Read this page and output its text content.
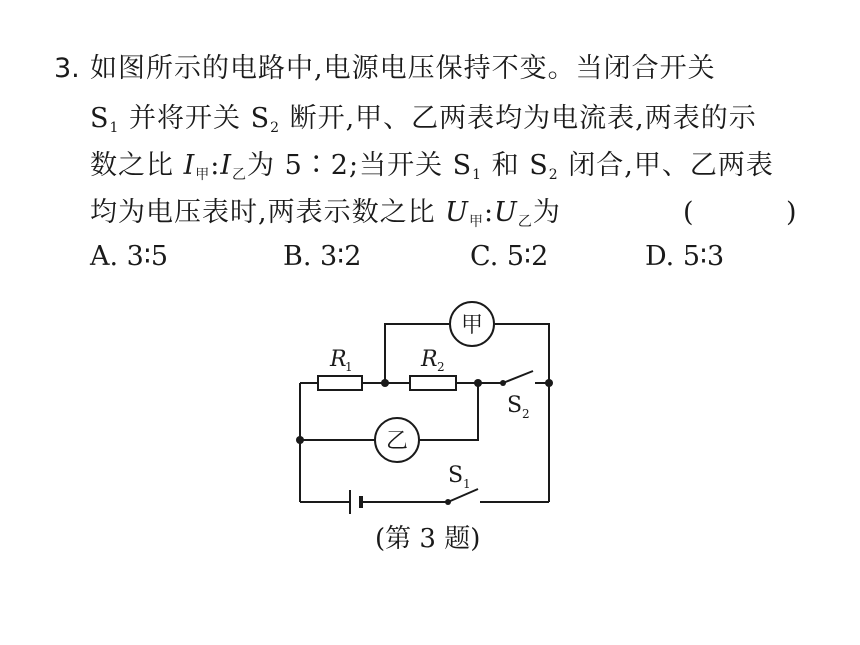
3. 如图所示的电路中,电源电压保持不变。当闭合开关
$S_1$ 并将开关 $S_2$ 断开,甲、乙两表均为电流表,两表的示
数之比 $I_甲:I_乙$为 5∶2;当开关 $S_1$ 和 $S_2$ 闭合,甲、乙两表
均为电压表时,两表示数之比 $U_甲:U_乙$为	(	)
A. 3∶5	B. 3∶2	C. 5∶2	D. 5∶3
甲
乙
R
1	R 2
S 2
S 1
(第 3 题)
